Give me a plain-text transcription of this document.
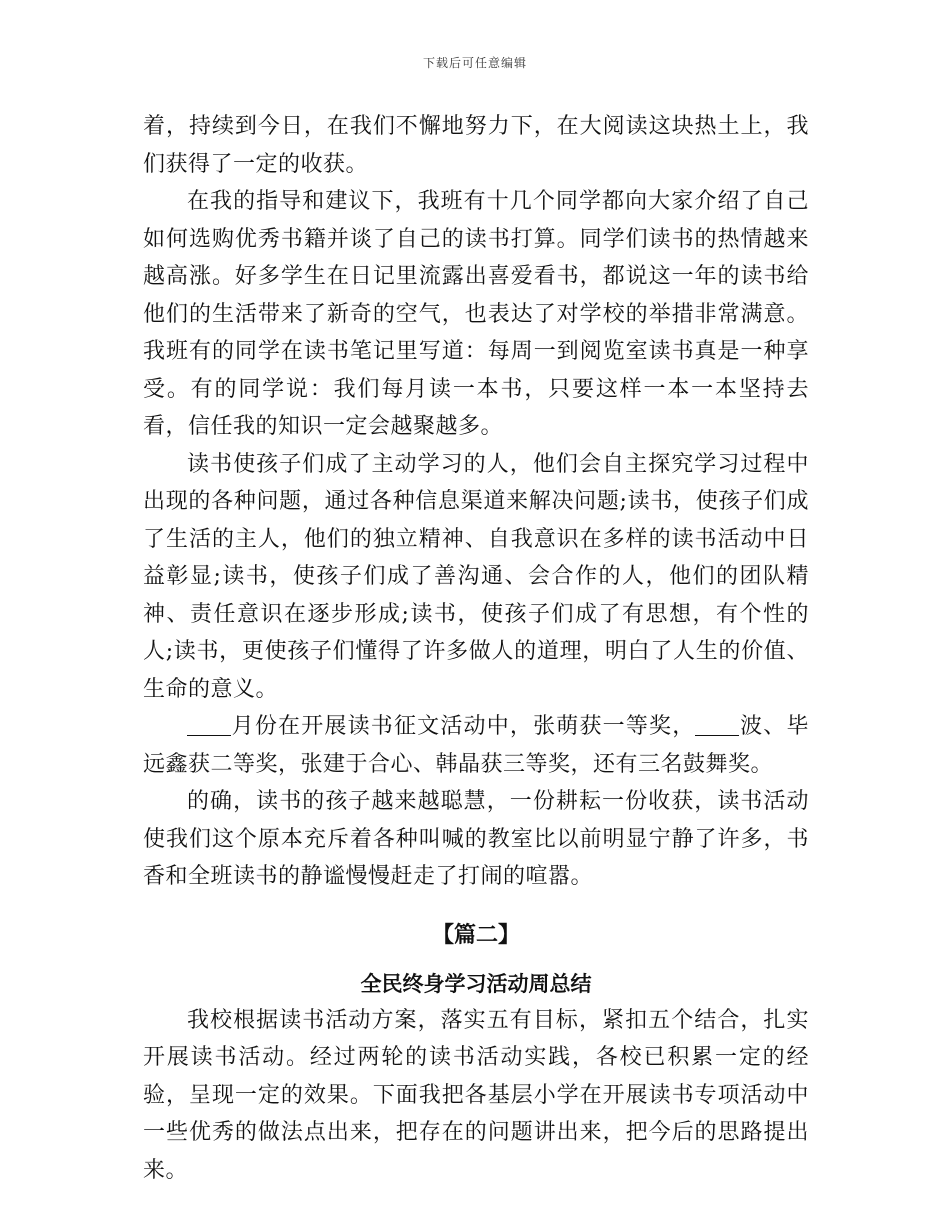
下载后可任意编辑

着，持续到今日，在我们不懈地努力下，在大阅读这块热土上，我们获得了一定的收获。

在我的指导和建议下，我班有十几个同学都向大家介绍了自己如何选购优秀书籍并谈了自己的读书打算。同学们读书的热情越来越高涨。好多学生在日记里流露出喜爱看书，都说这一年的读书给他们的生活带来了新奇的空气，也表达了对学校的举措非常满意。我班有的同学在读书笔记里写道：每周一到阅览室读书真是一种享受。有的同学说：我们每月读一本书，只要这样一本一本坚持去看，信任我的知识一定会越聚越多。

读书使孩子们成了主动学习的人，他们会自主探究学习过程中出现的各种问题，通过各种信息渠道来解决问题;读书，使孩子们成了生活的主人，他们的独立精神、自我意识在多样的读书活动中日益彰显;读书，使孩子们成了善沟通、会合作的人，他们的团队精神、责任意识在逐步形成;读书，使孩子们成了有思想，有个性的人;读书，更使孩子们懂得了许多做人的道理，明白了人生的价值、生命的意义。

月份在开展读书征文活动中，张萌获一等奖， 波、毕远鑫获二等奖，张建于合心、韩晶获三等奖，还有三名鼓舞奖。

的确，读书的孩子越来越聪慧，一份耕耘一份收获，读书活动使我们这个原本充斥着各种叫喊的教室比以前明显宁静了许多，书香和全班读书的静谧慢慢赶走了打闹的喧嚣。

【篇二】
全民终身学习活动周总结

我校根据读书活动方案，落实五有目标，紧扣五个结合，扎实开展读书活动。经过两轮的读书活动实践，各校已积累一定的经验，呈现一定的效果。下面我把各基层小学在开展读书专项活动中一些优秀的做法点出来，把存在的问题讲出来，把今后的思路提出来。
